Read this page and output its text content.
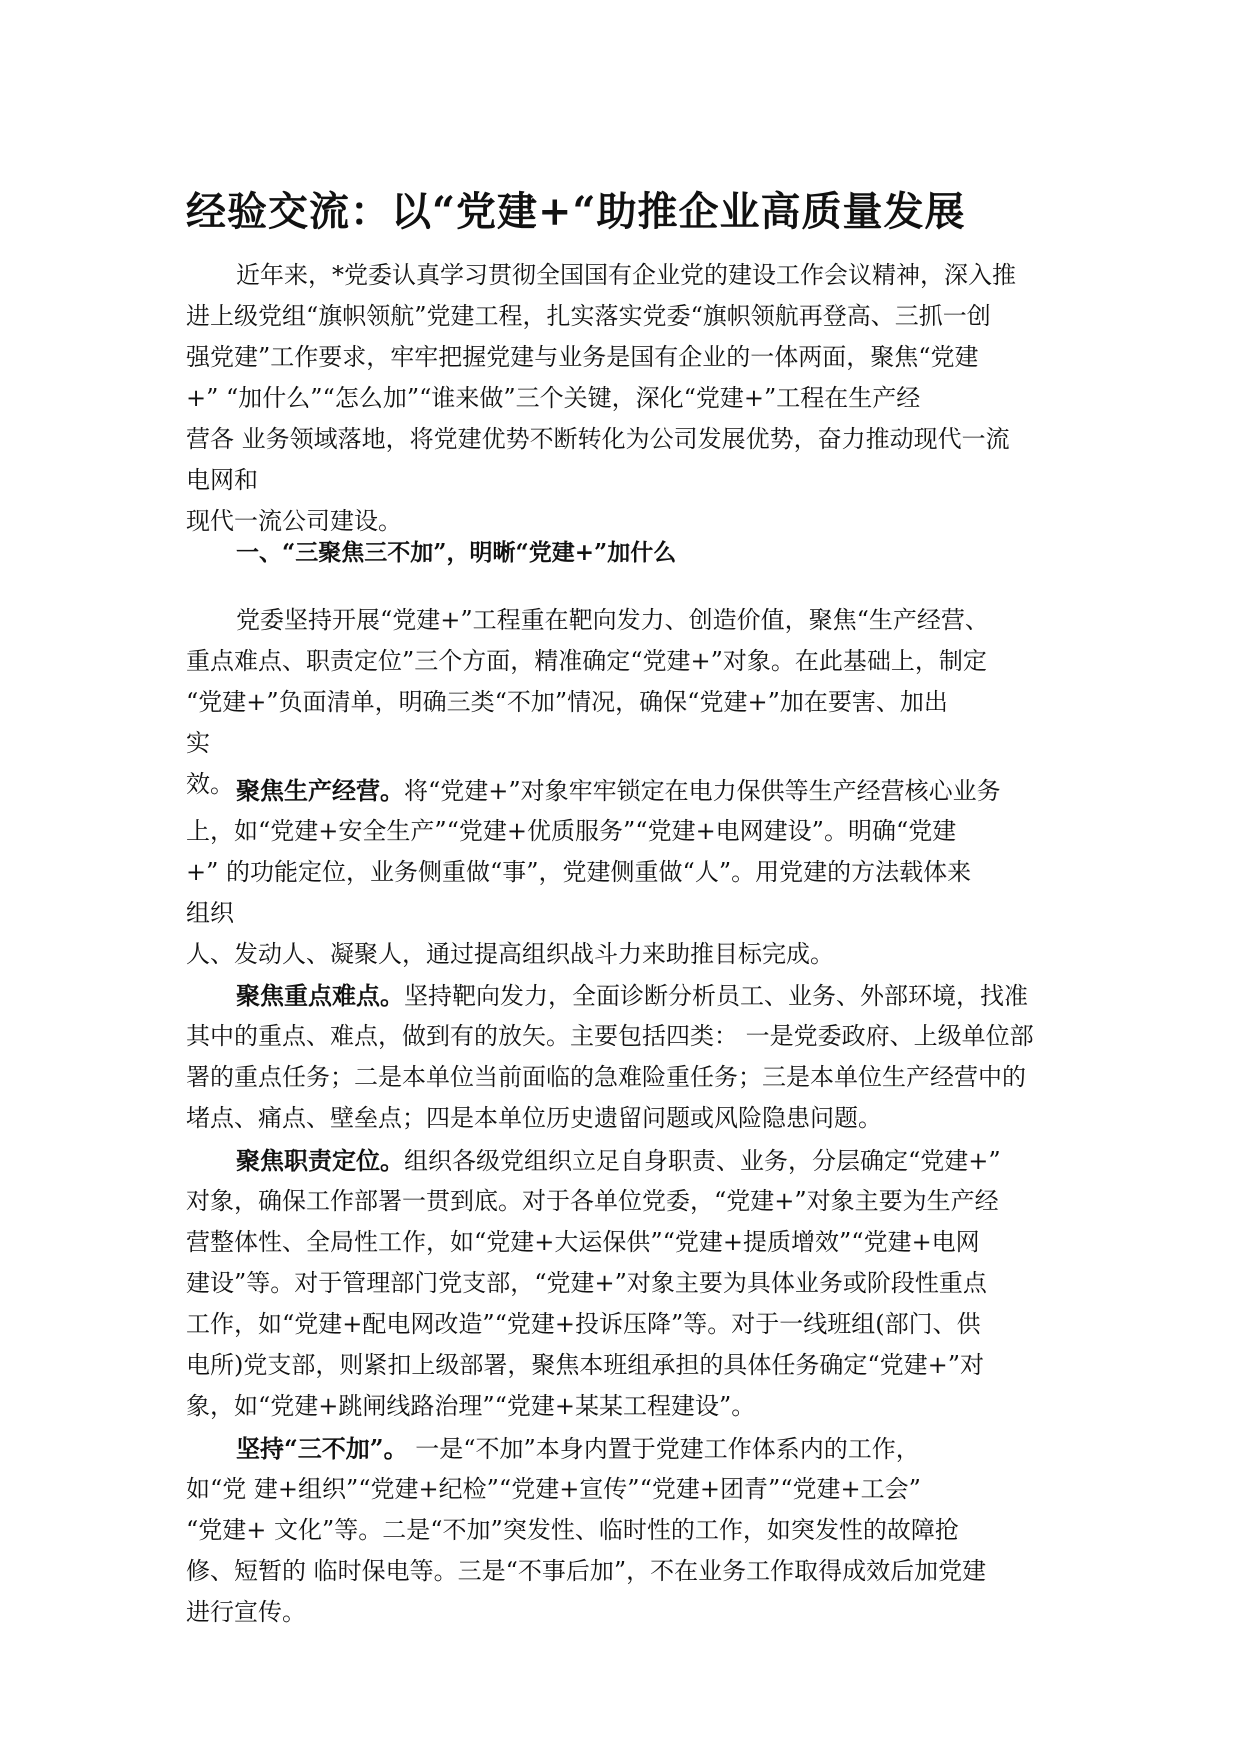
经验交流：以“党建+“助推企业高质量发展
近年来，*党委认真学习贯彻全国国有企业党的建设工作会议精神，深入推
进上级党组“旗帜领航”党建工程，扎实落实党委“旗帜领航再登高、三抓一创
强党建”工作要求，牢牢把握党建与业务是国有企业的一体两面，聚焦“党建
+” “加什么”“怎么加”“谁来做”三个关键，深化“党建+”工程在生产经
营各 业务领域落地，将党建优势不断转化为公司发展优势，奋力推动现代一流
电网和
现代一流公司建设。
一、“三聚焦三不加”，明晰“党建+”加什么
党委坚持开展“党建+”工程重在靶向发力、创造价值，聚焦“生产经营、
重点难点、职责定位”三个方面，精准确定“党建+”对象。在此基础上，制定
“党建+”负面清单，明确三类“不加”情况，确保“党建+”加在要害、加出
实
效。 聚焦生产经营。将“党建+”对象牢牢锁定在电力保供等生产经营核心业务
上，如“党建+安全生产”“党建+优质服务”“党建+电网建设”。明确“党建
+” 的功能定位，业务侧重做“事”，党建侧重做“人”。用党建的方法载体来
组织
人、发动人、凝聚人，通过提高组织战斗力来助推目标完成。
聚焦重点难点。坚持靶向发力，全面诊断分析员工、业务、外部环境，找准
其中的重点、难点，做到有的放矢。主要包括四类： 一是党委政府、上级单位部
署的重点任务；二是本单位当前面临的急难险重任务；三是本单位生产经营中的
堵点、痛点、壁垒点；四是本单位历史遗留问题或风险隐患问题。
聚焦职责定位。组织各级党组织立足自身职责、业务，分层确定“党建+”
对象，确保工作部署一贯到底。对于各单位党委，“党建+”对象主要为生产经
营整体性、全局性工作，如“党建+大运保供”“党建+提质增效”“党建+电网
建设”等。对于管理部门党支部，“党建+”对象主要为具体业务或阶段性重点
工作，如“党建+配电网改造”“党建+投诉压降”等。对于一线班组(部门、供
电所)党支部，则紧扣上级部署，聚焦本班组承担的具体任务确定“党建+”对
象，如“党建+跳闸线路治理”“党建+某某工程建设”。
坚持“三不加”。 一是“不加”本身内置于党建工作体系内的工作，
如“党 建+组织”“党建+纪检”“党建+宣传”“党建+团青”“党建+工会”
“党建+ 文化”等。二是“不加”突发性、临时性的工作，如突发性的故障抢
修、短暂的 临时保电等。三是“不事后加”，不在业务工作取得成效后加党建
进行宣传。
